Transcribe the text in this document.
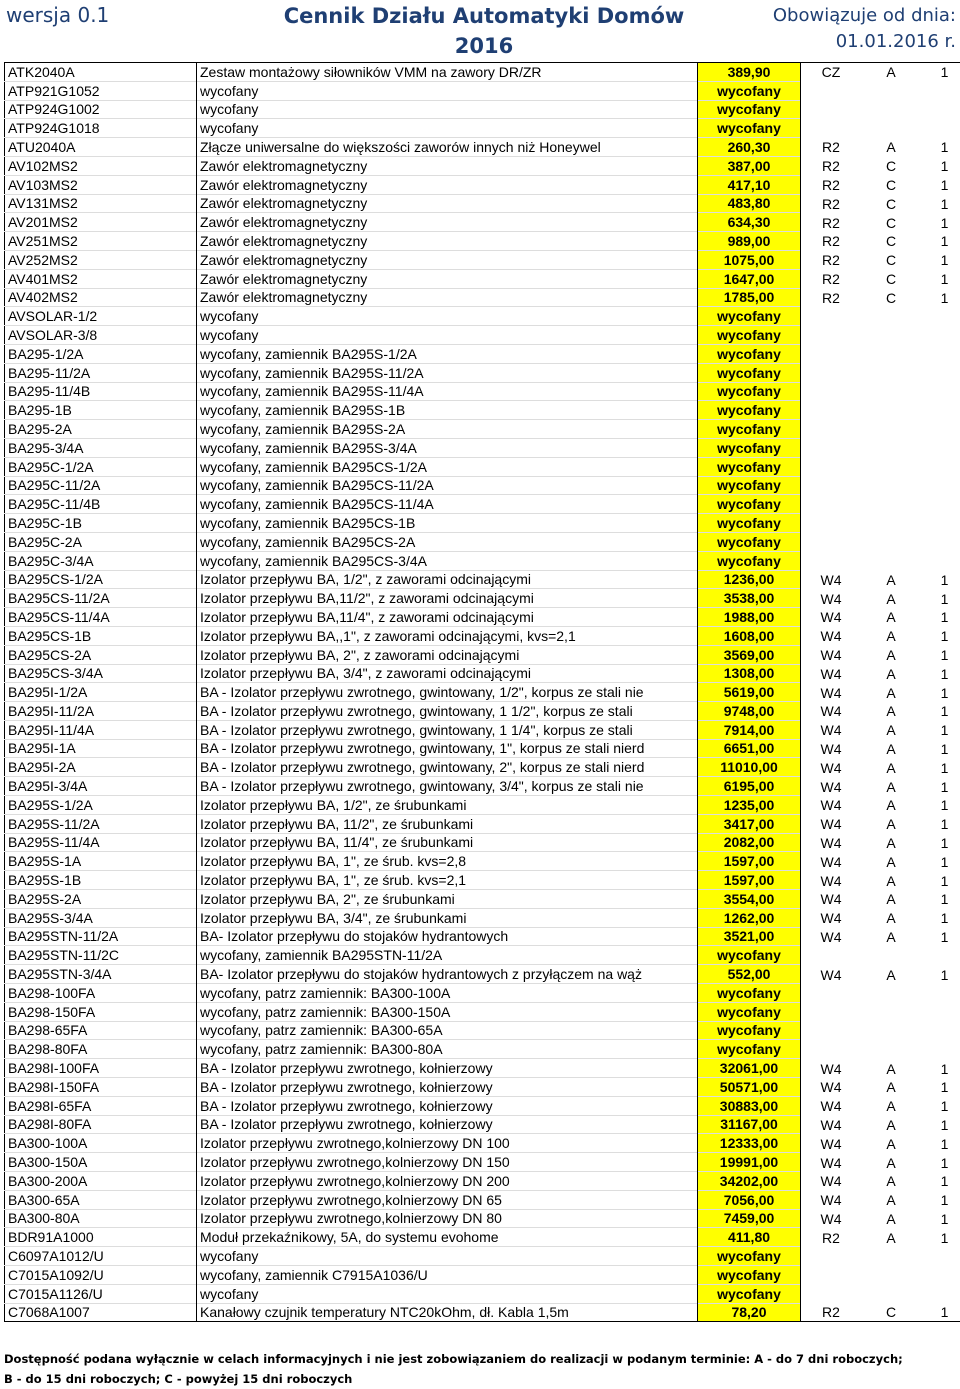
wersja 0.1	Cennik Działu Automatyki Domów
2016
Obowiązuje od dnia:
01.01.2016 r.
ATK2040A	Zestaw montażowy siłowników VMM na zawory DR/ZR	389,90	CZ	A	1
ATP921G1052	wycofany	wycofany			
ATP924G1002	wycofany	wycofany			
ATP924G1018	wycofany	wycofany			
ATU2040A	Złącze uniwersalne do większości zaworów innych niż Honeywel	260,30	R2	A	1
AV102MS2	Zawór elektromagnetyczny	387,00	R2	C	1
AV103MS2	Zawór elektromagnetyczny	417,10	R2	C	1
AV131MS2	Zawór elektromagnetyczny	483,80	R2	C	1
AV201MS2	Zawór elektromagnetyczny	634,30	R2	C	1
AV251MS2	Zawór elektromagnetyczny	989,00	R2	C	1
AV252MS2	Zawór elektromagnetyczny	1075,00	R2	C	1
AV401MS2	Zawór elektromagnetyczny	1647,00	R2	C	1
AV402MS2	Zawór elektromagnetyczny	1785,00	R2	C	1
AVSOLAR-1/2	wycofany	wycofany			
AVSOLAR-3/8	wycofany	wycofany			
BA295-1/2A	wycofany, zamiennik BA295S-1/2A	wycofany			
BA295-11/2A	wycofany, zamiennik BA295S-11/2A	wycofany			
BA295-11/4B	wycofany, zamiennik BA295S-11/4A	wycofany			
BA295-1B	wycofany, zamiennik BA295S-1B	wycofany			
BA295-2A	wycofany, zamiennik BA295S-2A	wycofany			
BA295-3/4A	wycofany, zamiennik BA295S-3/4A	wycofany			
BA295C-1/2A	wycofany, zamiennik BA295CS-1/2A	wycofany			
BA295C-11/2A	wycofany, zamiennik BA295CS-11/2A	wycofany			
BA295C-11/4B	wycofany, zamiennik BA295CS-11/4A	wycofany			
BA295C-1B	wycofany, zamiennik BA295CS-1B	wycofany			
BA295C-2A	wycofany, zamiennik BA295CS-2A	wycofany			
BA295C-3/4A	wycofany, zamiennik BA295CS-3/4A	wycofany			
BA295CS-1/2A	Izolator przepływu BA, 1/2", z zaworami odcinającymi	1236,00	W4	A	1
BA295CS-11/2A	Izolator przepływu BA,11/2", z zaworami odcinającymi	3538,00	W4	A	1
BA295CS-11/4A	Izolator przepływu BA,11/4", z zaworami odcinającymi	1988,00	W4	A	1
BA295CS-1B	Izolator przepływu BA,,1", z zaworami odcinającymi, kvs=2,1	1608,00	W4	A	1
BA295CS-2A	Izolator przepływu BA, 2", z zaworami odcinającymi	3569,00	W4	A	1
BA295CS-3/4A	Izolator przepływu BA, 3/4", z zaworami odcinającymi	1308,00	W4	A	1
BA295I-1/2A	BA - Izolator przepływu zwrotnego, gwintowany, 1/2", korpus ze stali nie	5619,00	W4	A	1
BA295I-11/2A	BA - Izolator przepływu zwrotnego, gwintowany, 1 1/2", korpus ze stali	9748,00	W4	A	1
BA295I-11/4A	BA - Izolator przepływu zwrotnego, gwintowany, 1 1/4", korpus ze stali	7914,00	W4	A	1
BA295I-1A	BA - Izolator przepływu zwrotnego, gwintowany, 1", korpus ze stali nierd	6651,00	W4	A	1
BA295I-2A	BA - Izolator przepływu zwrotnego, gwintowany, 2", korpus ze stali nierd	11010,00	W4	A	1
BA295I-3/4A	BA - Izolator przepływu zwrotnego, gwintowany, 3/4", korpus ze stali nie	6195,00	W4	A	1
BA295S-1/2A	Izolator przepływu BA, 1/2", ze śrubunkami	1235,00	W4	A	1
BA295S-11/2A	Izolator przepływu BA, 11/2", ze śrubunkami	3417,00	W4	A	1
BA295S-11/4A	Izolator przepływu BA, 11/4", ze śrubunkami	2082,00	W4	A	1
BA295S-1A	Izolator przepływu BA, 1", ze śrub. kvs=2,8	1597,00	W4	A	1
BA295S-1B	Izolator przepływu BA, 1", ze śrub. kvs=2,1	1597,00	W4	A	1
BA295S-2A	Izolator przepływu BA, 2", ze śrubunkami	3554,00	W4	A	1
BA295S-3/4A	Izolator przepływu BA, 3/4", ze śrubunkami	1262,00	W4	A	1
BA295STN-11/2A	BA- Izolator przepływu do stojaków hydrantowych	3521,00	W4	A	1
BA295STN-11/2C	wycofany, zamiennik BA295STN-11/2A	wycofany			
BA295STN-3/4A	BA- Izolator przepływu do stojaków hydrantowych z przyłączem na wąż	552,00	W4	A	1
BA298-100FA	wycofany, patrz zamiennik: BA300-100A	wycofany			
BA298-150FA	wycofany, patrz zamiennik: BA300-150A	wycofany			
BA298-65FA	wycofany, patrz zamiennik: BA300-65A	wycofany			
BA298-80FA	wycofany, patrz zamiennik: BA300-80A	wycofany			
BA298I-100FA	BA - Izolator przepływu zwrotnego, kołnierzowy	32061,00	W4	A	1
BA298I-150FA	BA - Izolator przepływu zwrotnego, kołnierzowy	50571,00	W4	A	1
BA298I-65FA	BA - Izolator przepływu zwrotnego, kołnierzowy	30883,00	W4	A	1
BA298I-80FA	BA - Izolator przepływu zwrotnego, kołnierzowy	31167,00	W4	A	1
BA300-100A	Izolator przepływu zwrotnego,kolnierzowy DN 100	12333,00	W4	A	1
BA300-150A	Izolator przepływu zwrotnego,kolnierzowy DN 150	19991,00	W4	A	1
BA300-200A	Izolator przepływu zwrotnego,kolnierzowy DN 200	34202,00	W4	A	1
BA300-65A	Izolator przepływu zwrotnego,kolnierzowy DN 65	7056,00	W4	A	1
BA300-80A	Izolator przepływu zwrotnego,kolnierzowy DN 80	7459,00	W4	A	1
BDR91A1000	Moduł przekaźnikowy, 5A, do systemu evohome	411,80	R2	A	1
C6097A1012/U	wycofany	wycofany			
C7015A1092/U	wycofany, zamiennik C7915A1036/U	wycofany			
C7015A1126/U	wycofany	wycofany			
C7068A1007	Kanałowy czujnik temperatury NTC20kOhm, dł. Kabla 1,5m	78,20	R2	C	1
Dostępność podana wyłącznie w celach informacyjnych i nie jest zobowiązaniem do realizacji w podanym terminie: A - do 7 dni roboczych;
B - do 15 dni roboczych; C - powyżej 15 dni roboczych
